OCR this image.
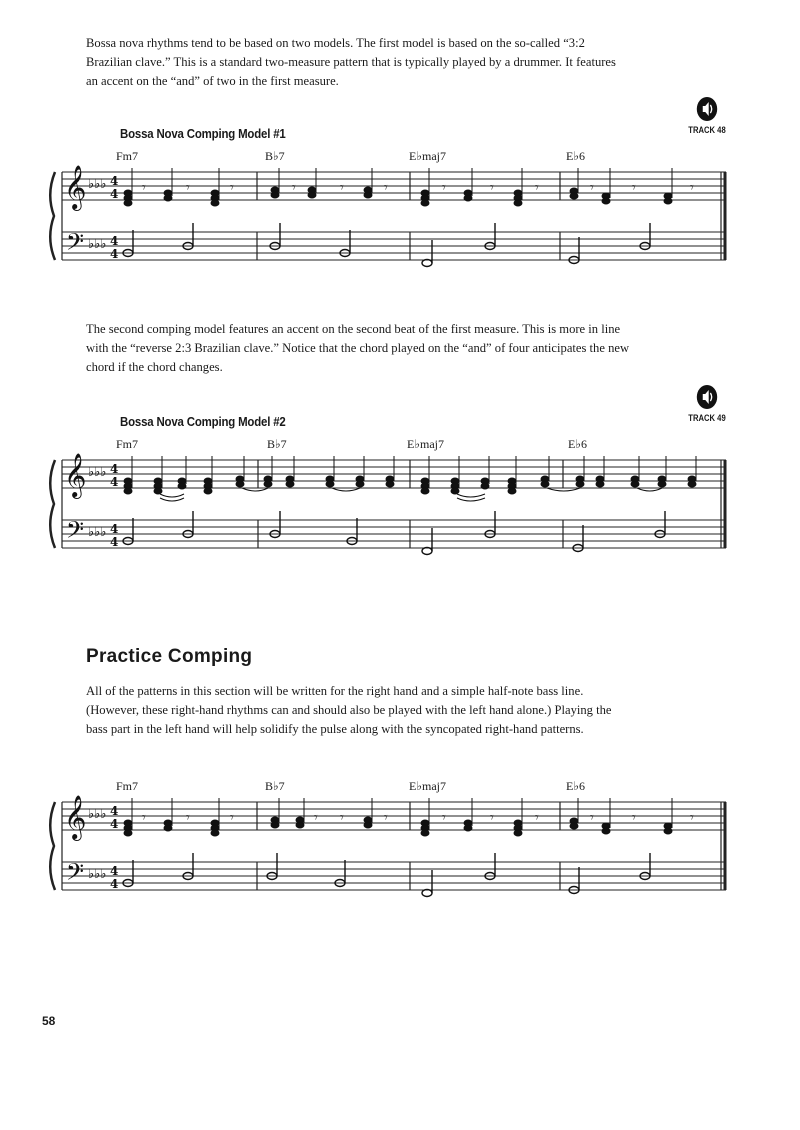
Bossa nova rhythms tend to be based on two models. The first model is based on the so-called “3:2

Brazilian clave.” This is a standard two-measure pattern that is typically played by a drummer. It features

an accent on the “and” of two in the first measure.

Bossa Nova Comping Model #1	TRACK 48
Fm7	B♭7	E♭maj7	E♭6
𝄞
𝄢
♭♭♭
♭♭♭
4
4
4
4
𝄾	𝄾	𝄾	𝄾	𝄾	𝄾	𝄾	𝄾	𝄾	𝄾	𝄾	𝄾

The second comping model features an accent on the second beat of the first measure. This is more in line

with the “reverse 2:3 Brazilian clave.” Notice that the chord played on the “and” of four anticipates the new

chord if the chord changes.

Bossa Nova Comping Model #2	TRACK 49
Fm7	B♭7	E♭maj7	E♭6
𝄞
𝄢
♭♭♭
♭♭♭
4
4
4
4
Practice Comping

All of the patterns in this section will be written for the right hand and a simple half-note bass line.

(However, these right-hand rhythms can and should also be played with the left hand alone.) Playing the

bass part in the left hand will help solidify the pulse along with the syncopated right-hand patterns.

Fm7	B♭7	E♭maj7	E♭6
𝄞
𝄢
♭♭♭
♭♭♭
4
4
4
4
𝄾	𝄾	𝄾	𝄾 𝄾	𝄾	𝄾	𝄾	𝄾	𝄾	𝄾	𝄾
58
